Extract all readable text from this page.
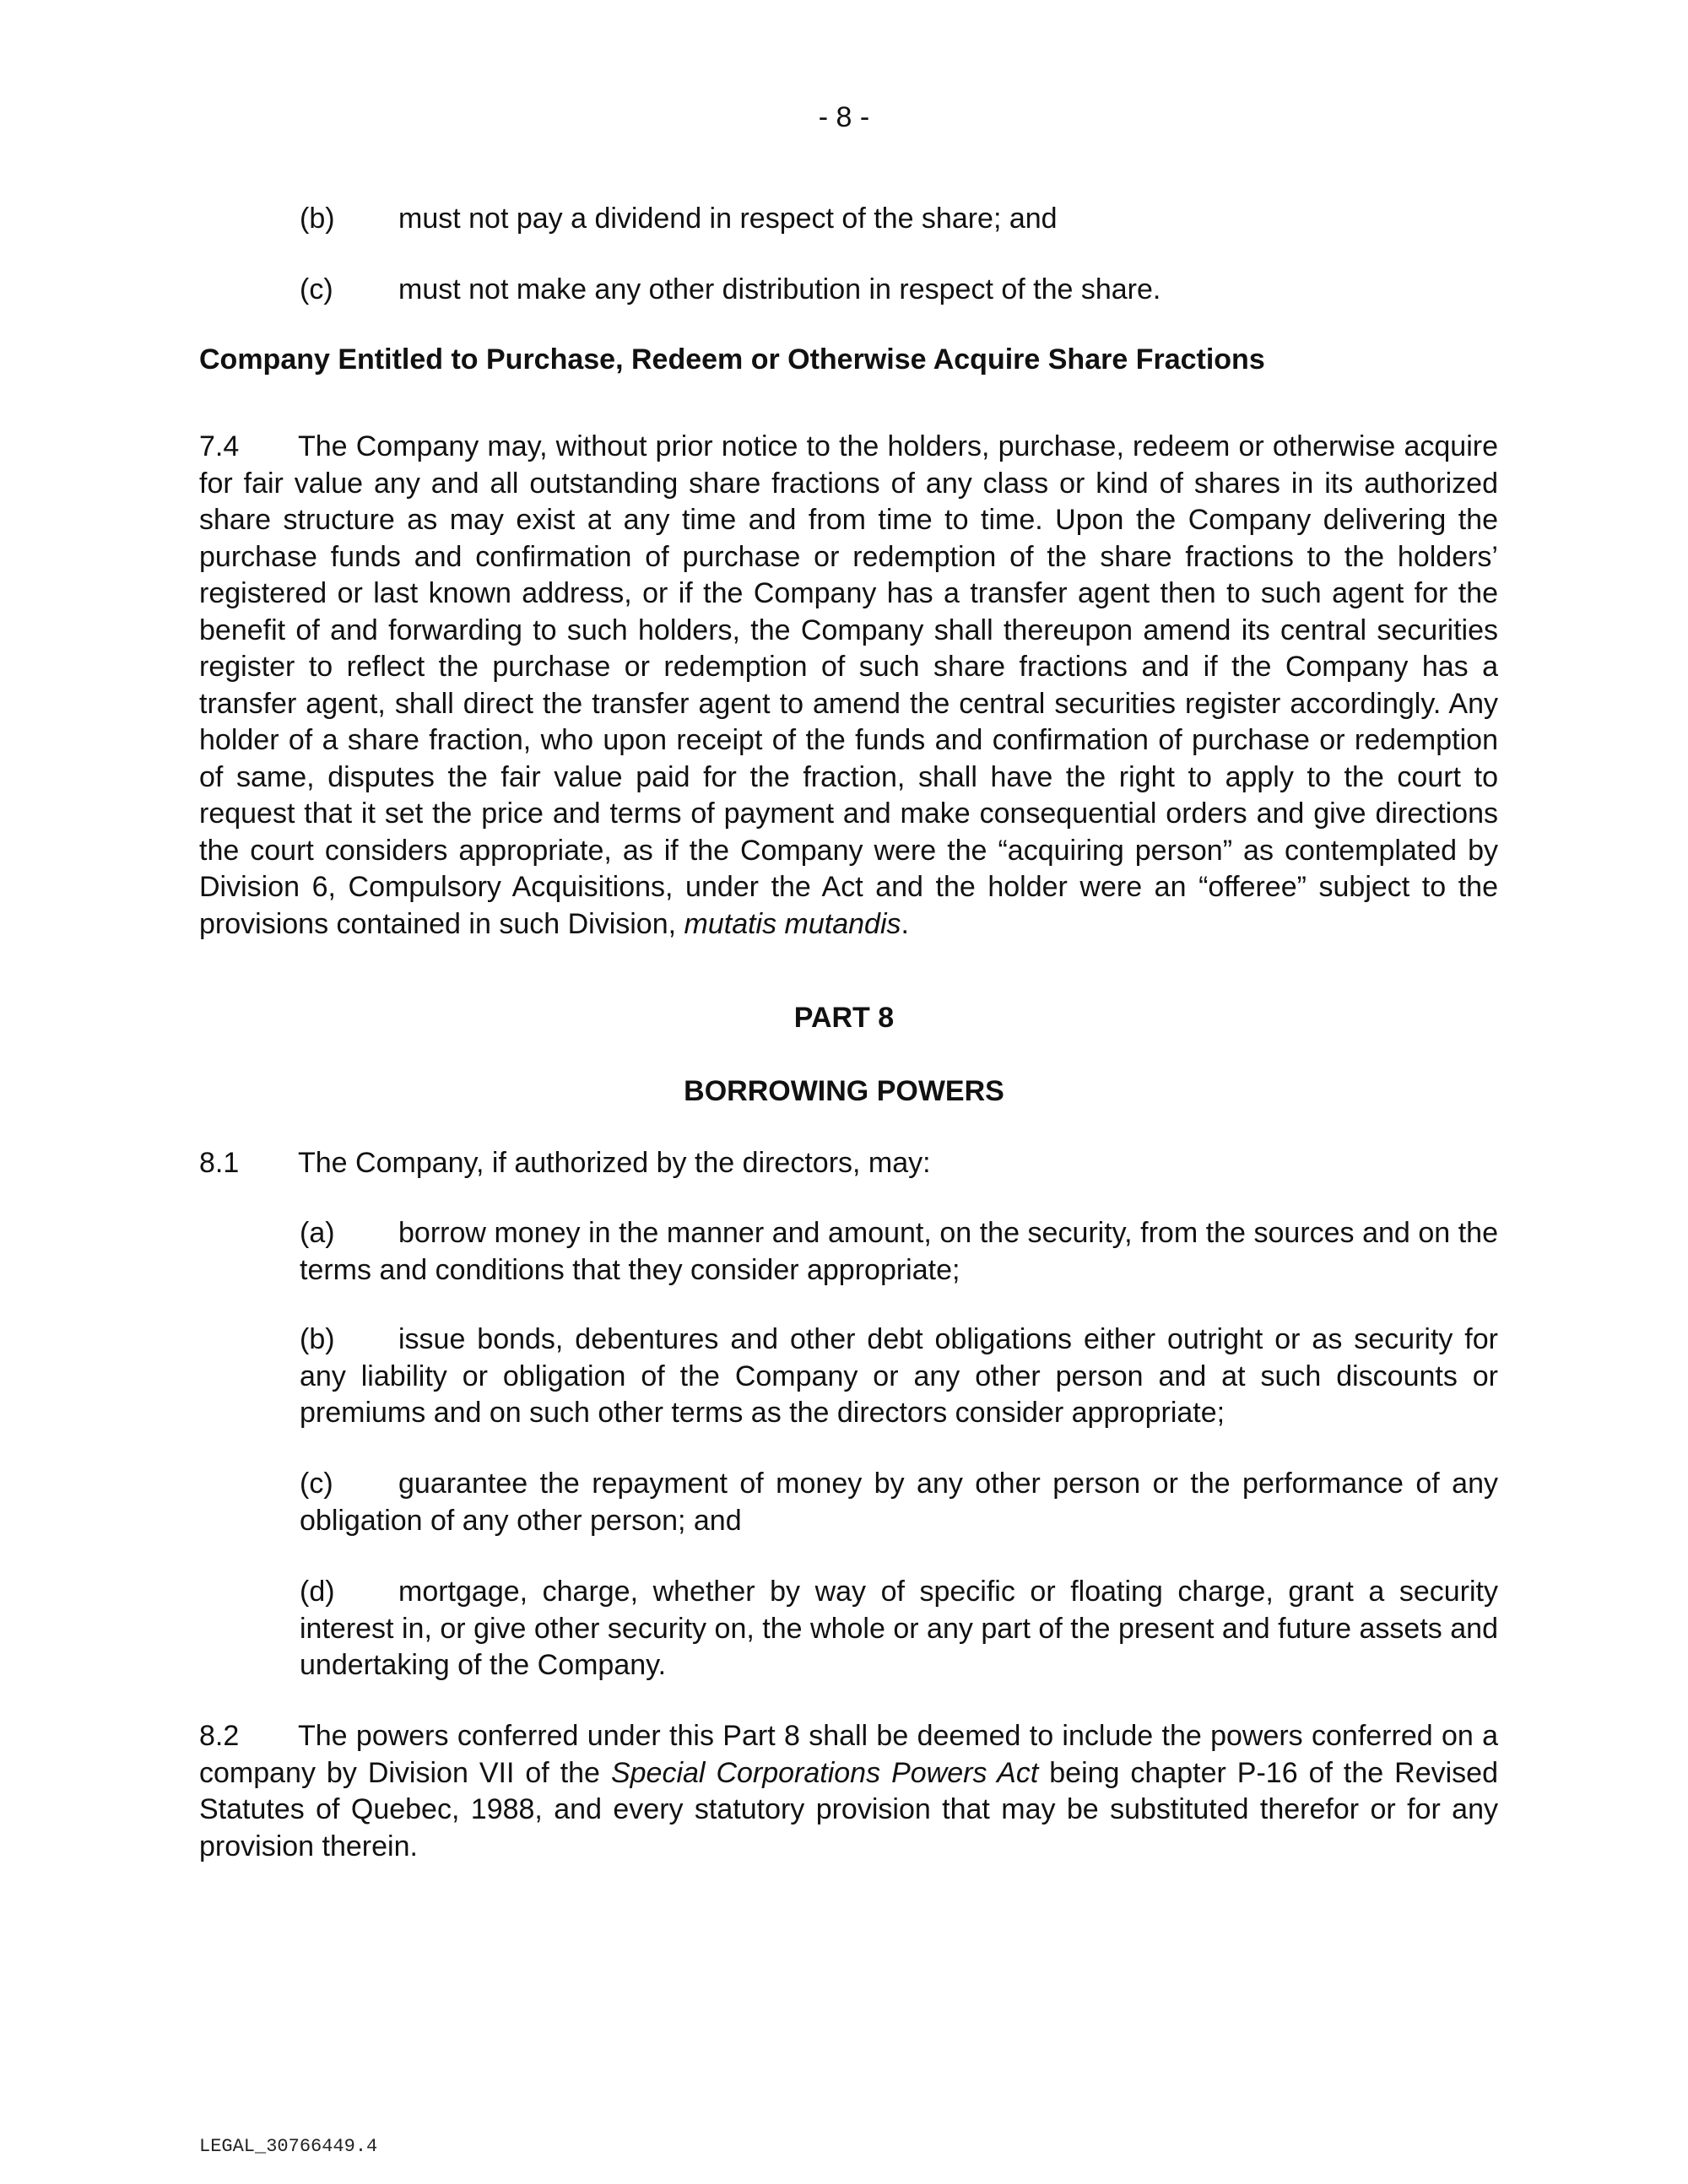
- 8 -
(b) must not pay a dividend in respect of the share; and
(c) must not make any other distribution in respect of the share.
Company Entitled to Purchase, Redeem or Otherwise Acquire Share Fractions
7.4 The Company may, without prior notice to the holders, purchase, redeem or otherwise acquire for fair value any and all outstanding share fractions of any class or kind of shares in its authorized share structure as may exist at any time and from time to time. Upon the Company delivering the purchase funds and confirmation of purchase or redemption of the share fractions to the holders’ registered or last known address, or if the Company has a transfer agent then to such agent for the benefit of and forwarding to such holders, the Company shall thereupon amend its central securities register to reflect the purchase or redemption of such share fractions and if the Company has a transfer agent, shall direct the transfer agent to amend the central securities register accordingly. Any holder of a share fraction, who upon receipt of the funds and confirmation of purchase or redemption of same, disputes the fair value paid for the fraction, shall have the right to apply to the court to request that it set the price and terms of payment and make consequential orders and give directions the court considers appropriate, as if the Company were the “acquiring person” as contemplated by Division 6, Compulsory Acquisitions, under the Act and the holder were an “offeree” subject to the provisions contained in such Division, mutatis mutandis.
PART 8
BORROWING POWERS
8.1 The Company, if authorized by the directors, may:
(a) borrow money in the manner and amount, on the security, from the sources and on the terms and conditions that they consider appropriate;
(b) issue bonds, debentures and other debt obligations either outright or as security for any liability or obligation of the Company or any other person and at such discounts or premiums and on such other terms as the directors consider appropriate;
(c) guarantee the repayment of money by any other person or the performance of any obligation of any other person; and
(d) mortgage, charge, whether by way of specific or floating charge, grant a security interest in, or give other security on, the whole or any part of the present and future assets and undertaking of the Company.
8.2 The powers conferred under this Part 8 shall be deemed to include the powers conferred on a company by Division VII of the Special Corporations Powers Act being chapter P-16 of the Revised Statutes of Quebec, 1988, and every statutory provision that may be substituted therefor or for any provision therein.
LEGAL_30766449.4
